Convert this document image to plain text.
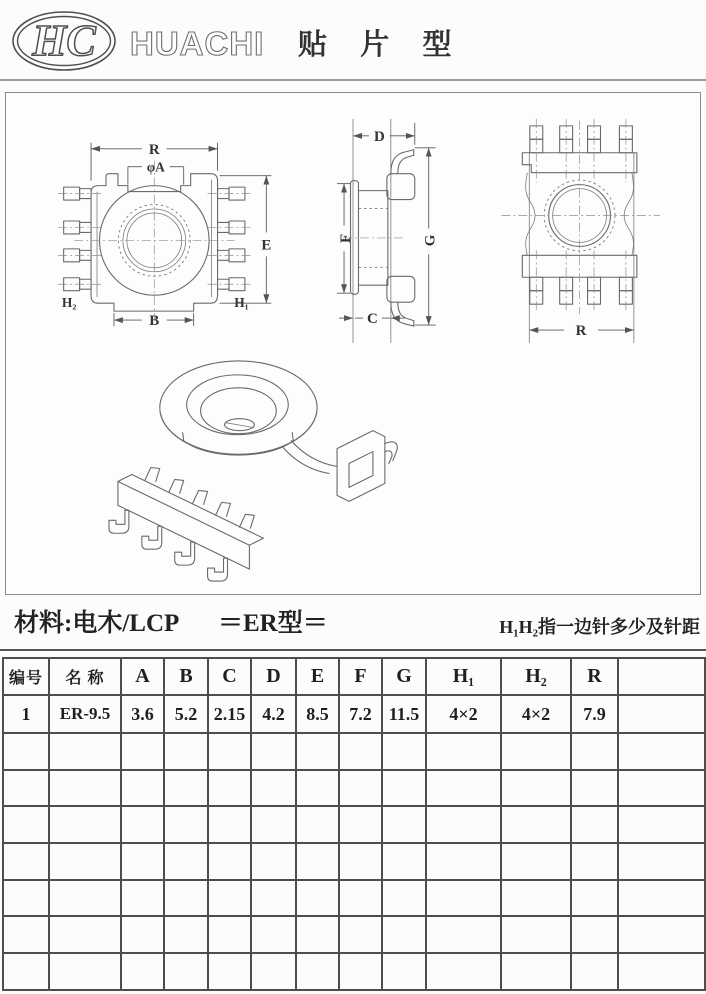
HC HUACHI 贴 片 型
R
φA
E
B
H₂	H₁
D
F	G
C
R
材料:电木/LCP ＝ER型＝	H₁H₂指一边针多少及针距
编号	名 称	A	B	C	D	E	F	G	H₁	H₂	R	
1	ER-9.5	3.6	5.2	2.15	4.2	8.5	7.2	11.5	4×2	4×2	7.9	
